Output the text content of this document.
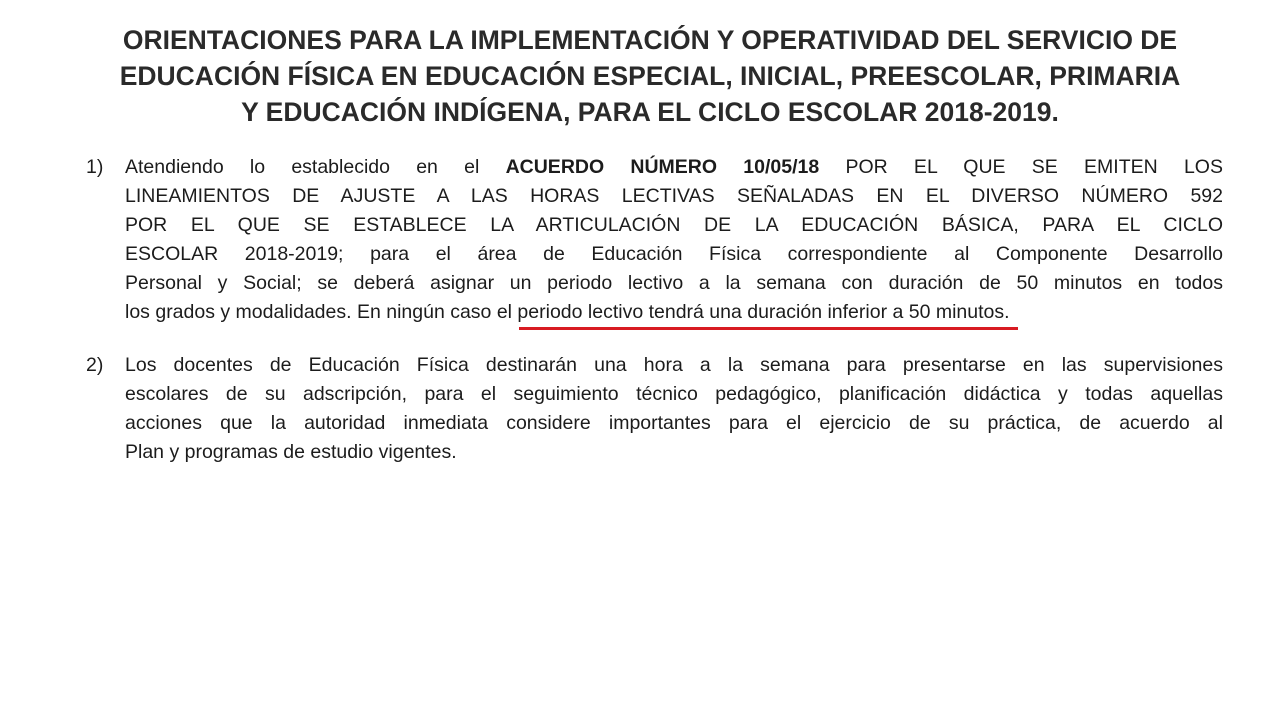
ORIENTACIONES PARA LA IMPLEMENTACIÓN Y OPERATIVIDAD DEL SERVICIO DE
EDUCACIÓN FÍSICA EN EDUCACIÓN ESPECIAL, INICIAL, PREESCOLAR, PRIMARIA
Y EDUCACIÓN INDÍGENA, PARA EL CICLO ESCOLAR 2018-2019.
1) Atendiendo lo establecido en el ACUERDO NÚMERO 10/05/18 POR EL QUE SE EMITEN LOS
LINEAMIENTOS DE AJUSTE A LAS HORAS LECTIVAS SEÑALADAS EN EL DIVERSO NÚMERO 592
POR EL QUE SE ESTABLECE LA ARTICULACIÓN DE LA EDUCACIÓN BÁSICA, PARA EL CICLO
ESCOLAR 2018-2019; para el área de Educación Física correspondiente al Componente Desarrollo
Personal y Social; se deberá asignar un periodo lectivo a la semana con duración de 50 minutos en todos
los grados y modalidades. En ningún caso el periodo lectivo tendrá una duración inferior a 50 minutos.
2) Los docentes de Educación Física destinarán una hora a la semana para presentarse en las supervisiones
escolares de su adscripción, para el seguimiento técnico pedagógico, planificación didáctica y todas aquellas
acciones que la autoridad inmediata considere importantes para el ejercicio de su práctica, de acuerdo al
Plan y programas de estudio vigentes.
